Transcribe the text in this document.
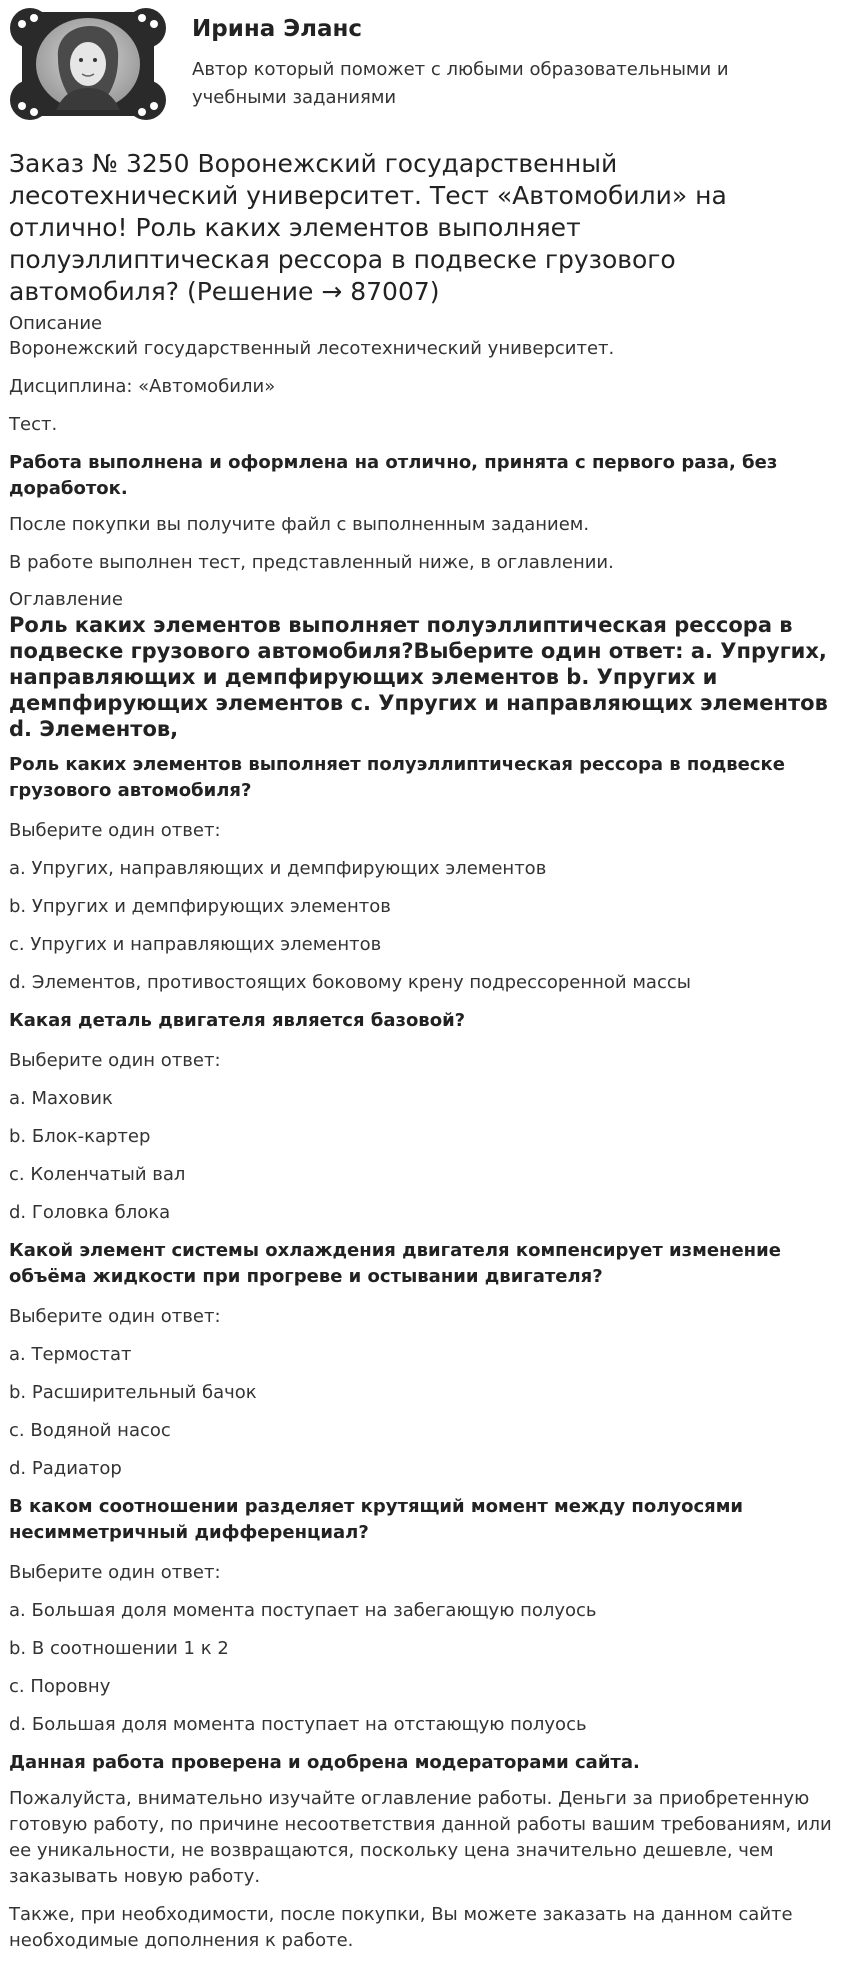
Ирина Эланс
Автор который поможет с любыми образовательными и учебными заданиями
Заказ № 3250 Воронежский государственный лесотехнический университет. Тест «Автомобили» на отлично! Роль каких элементов выполняет полуэллиптическая рессора в подвеске грузового автомобиля? (Решение → 87007)
Описание

Воронежский государственный лесотехнический университет.

Дисциплина: «Автомобили»

Тест.

Работа выполнена и оформлена на отлично, принята с первого раза, без доработок.

После покупки вы получите файл с выполненным заданием.

В работе выполнен тест, представленный ниже, в оглавлении.

Оглавление
Роль каких элементов выполняет полуэллиптическая рессора в подвеске грузового автомобиля?Выберите один ответ: a. Упругих, направляющих и демпфирующих элементов b. Упругих и демпфирующих элементов c. Упругих и направляющих элементов d. Элементов,

Роль каких элементов выполняет полуэллиптическая рессора в подвеске грузового автомобиля?

Выберите один ответ:

a. Упругих, направляющих и демпфирующих элементов

b. Упругих и демпфирующих элементов

c. Упругих и направляющих элементов

d. Элементов, противостоящих боковому крену подрессоренной массы

Какая деталь двигателя является базовой?

Выберите один ответ:

a. Маховик

b. Блок-картер

c. Коленчатый вал

d. Головка блока

Какой элемент системы охлаждения двигателя компенсирует изменение объёма жидкости при прогреве и остывании двигателя?

Выберите один ответ:

a. Термостат

b. Расширительный бачок

c. Водяной насос

d. Радиатор

В каком соотношении разделяет крутящий момент между полуосями несимметричный дифференциал?

Выберите один ответ:

a. Большая доля момента поступает на забегающую полуось

b. В соотношении 1 к 2

c. Поровну

d. Большая доля момента поступает на отстающую полуось

Данная работа проверена и одобрена модераторами сайта.

Пожалуйста, внимательно изучайте оглавление работы. Деньги за приобретенную готовую работу, по причине несоответствия данной работы вашим требованиям, или ее уникальности, не возвращаются, поскольку цена значительно дешевле, чем заказывать новую работу.

Также, при необходимости, после покупки, Вы можете заказать на данном сайте необходимые дополнения к работе.
